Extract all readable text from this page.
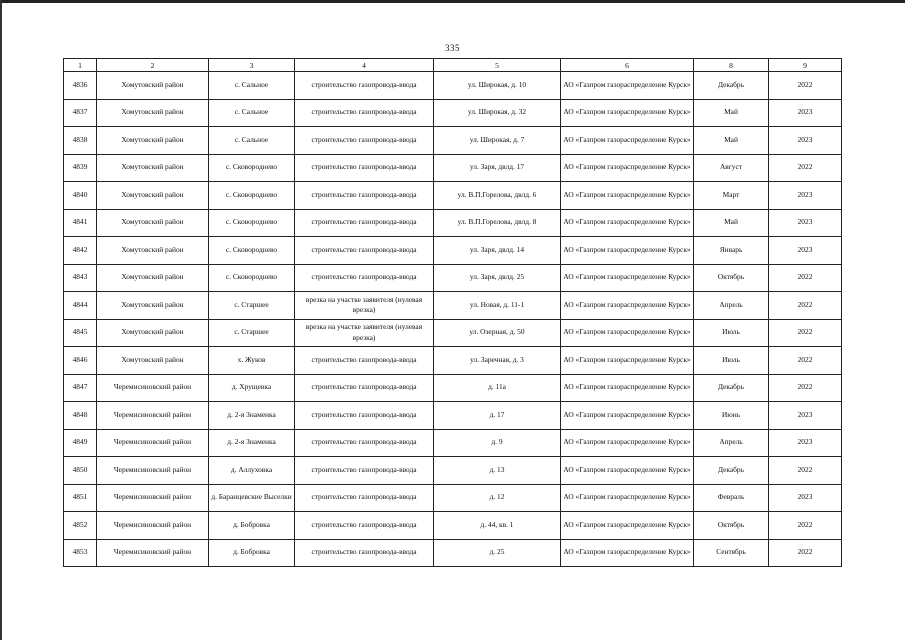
335
1	2	3	4	5	6	8	9
4836	Хомутовский район	с. Сальное	строительство газопровода-ввода	ул. Широкая, д. 10	АО «Газпром газораспределение Курск»	Декабрь	2022
4837	Хомутовский район	с. Сальное	строительство газопровода-ввода	ул. Широкая, д. 32	АО «Газпром газораспределение Курск»	Май	2023
4838	Хомутовский район	с. Сальное	строительство газопровода-ввода	ул. Широкая, д. 7	АО «Газпром газораспределение Курск»	Май	2023
4839	Хомутовский район	с. Сковороднево	строительство газопровода-ввода	ул. Заря, двлд. 17	АО «Газпром газораспределение Курск»	Август	2022
4840	Хомутовский район	с. Сковороднево	строительство газопровода-ввода	ул. В.П.Горелова, двлд. 6	АО «Газпром газораспределение Курск»	Март	2023
4841	Хомутовский район	с. Сковороднево	строительство газопровода-ввода	ул. В.П.Горелова, двлд. 8	АО «Газпром газораспределение Курск»	Май	2023
4842	Хомутовский район	с. Сковороднево	строительство газопровода-ввода	ул. Заря, двлд. 14	АО «Газпром газораспределение Курск»	Январь	2023
4843	Хомутовский район	с. Сковороднево	строительство газопровода-ввода	ул. Заря, двлд. 25	АО «Газпром газораспределение Курск»	Октябрь	2022
4844	Хомутовский район	с. Старшее	врезка на участке заявителя (нулевая врезка)	ул. Новая, д. 11-1	АО «Газпром газораспределение Курск»	Апрель	2022
4845	Хомутовский район	с. Старшее	врезка на участке заявителя (нулевая врезка)	ул. Озерная, д. 50	АО «Газпром газораспределение Курск»	Июль	2022
4846	Хомутовский район	х. Жуков	строительство газопровода-ввода	ул. Заречная, д. 3	АО «Газпром газораспределение Курск»	Июль	2022
4847	Черемисиновский район	д. Хрущевка	строительство газопровода-ввода	д. 11а	АО «Газпром газораспределение Курск»	Декабрь	2022
4848	Черемисиновский район	д. 2-я Знаменка	строительство газопровода-ввода	д. 17	АО «Газпром газораспределение Курск»	Июнь	2023
4849	Черемисиновский район	д. 2-я Знаменка	строительство газопровода-ввода	д. 9	АО «Газпром газораспределение Курск»	Апрель	2023
4850	Черемисиновский район	д. Аллуховка	строительство газопровода-ввода	д. 13	АО «Газпром газораспределение Курск»	Декабрь	2022
4851	Черемисиновский район	д. Баранцевские Выселки	строительство газопровода-ввода	д. 12	АО «Газпром газораспределение Курск»	Февраль	2023
4852	Черемисиновский район	д. Бобровка	строительство газопровода-ввода	д. 44, кв. 1	АО «Газпром газораспределение Курск»	Октябрь	2022
4853	Черемисиновский район	д. Бобровка	строительство газопровода-ввода	д. 25	АО «Газпром газораспределение Курск»	Сентябрь	2022
